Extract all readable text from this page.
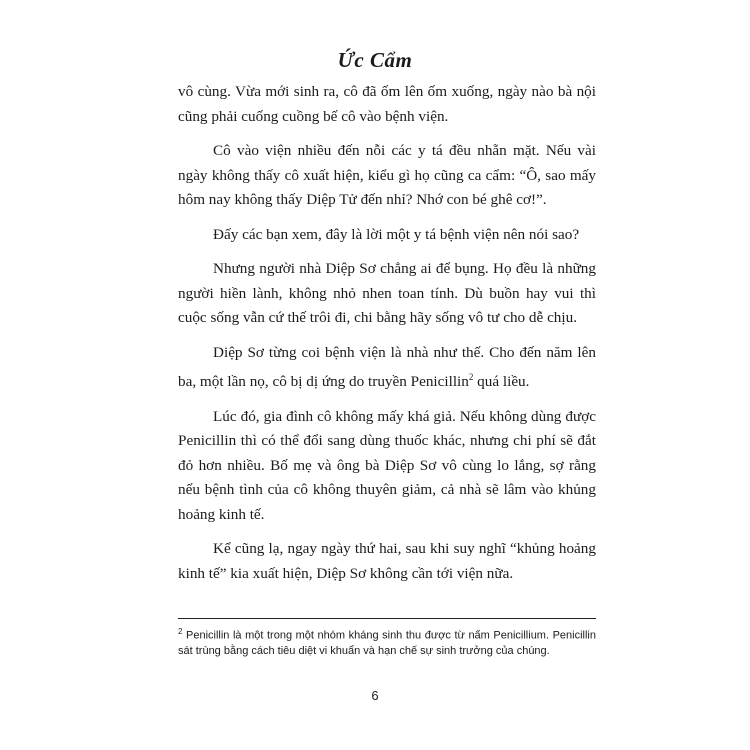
Ức Cẩm

vô cùng. Vừa mới sinh ra, cô đã ốm lên ốm xuống, ngày nào bà nội cũng phải cuống cuồng bế cô vào bệnh viện.

Cô vào viện nhiều đến nỗi các y tá đều nhẵn mặt. Nếu vài ngày không thấy cô xuất hiện, kiểu gì họ cũng ca cẩm: “Ô, sao mấy hôm nay không thấy Diệp Tử đến nhỉ? Nhớ con bé ghê cơ!”.

Đấy các bạn xem, đây là lời một y tá bệnh viện nên nói sao?

Nhưng người nhà Diệp Sơ chẳng ai để bụng. Họ đều là những người hiền lành, không nhỏ nhen toan tính. Dù buồn hay vui thì cuộc sống vẫn cứ thế trôi đi, chi bằng hãy sống vô tư cho dễ chịu.

Diệp Sơ từng coi bệnh viện là nhà như thế. Cho đến năm lên ba, một lần nọ, cô bị dị ứng do truyền Penicillin$^2$ quá liều.

Lúc đó, gia đình cô không mấy khá giả. Nếu không dùng được Penicillin thì có thể đổi sang dùng thuốc khác, nhưng chi phí sẽ đắt đỏ hơn nhiều. Bố mẹ và ông bà Diệp Sơ vô cùng lo lắng, sợ rằng nếu bệnh tình của cô không thuyên giảm, cả nhà sẽ lâm vào khủng hoảng kinh tế.

Kể cũng lạ, ngay ngày thứ hai, sau khi suy nghĩ “khủng hoảng kinh tế” kia xuất hiện, Diệp Sơ không cần tới viện nữa.

$^2$ Penicillin là một trong một nhóm kháng sinh thu được từ nấm Penicillium. Penicillin sát trùng bằng cách tiêu diệt vi khuẩn và hạn chế sự sinh trưởng của chúng.
6
